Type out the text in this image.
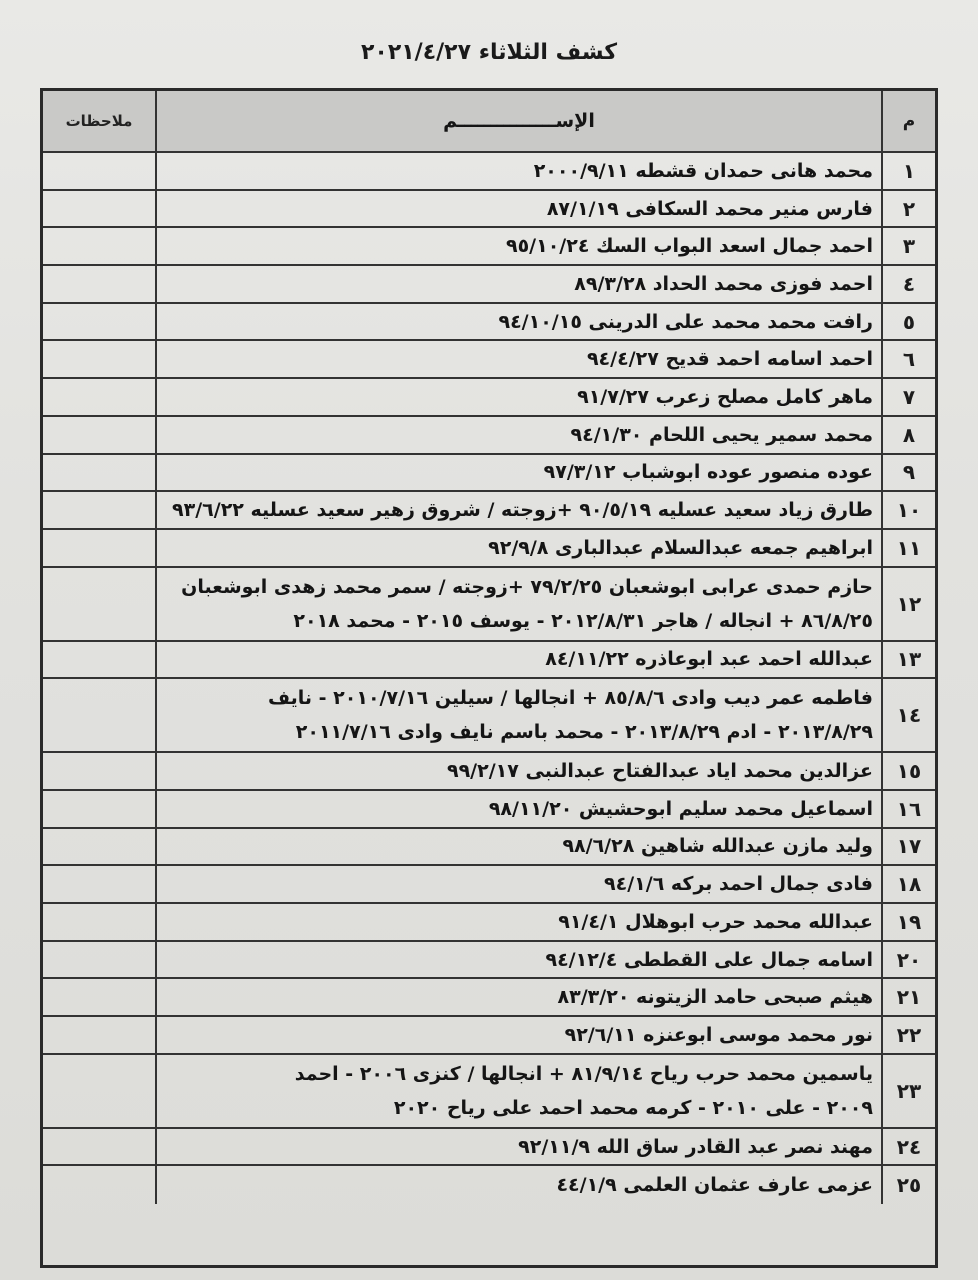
كشف الثلاثاء ٢٠٢١/٤/٢٧
م
الإســـــــــــــــم
ملاحظات
١
محمد هانى حمدان قشطه ٢٠٠٠/٩/١١
٢
فارس منير محمد السكافى ٨٧/١/١٩
٣
احمد جمال اسعد البواب السك ٩٥/١٠/٢٤
٤
احمد فوزى محمد الحداد ٨٩/٣/٢٨
٥
رافت محمد محمد على الدرينى ٩٤/١٠/١٥
٦
احمد اسامه احمد قديح ٩٤/٤/٢٧
٧
ماهر كامل مصلح زعرب ٩١/٧/٢٧
٨
محمد سمير يحيى اللحام ٩٤/١/٣٠
٩
عوده منصور عوده ابوشباب ٩٧/٣/١٢
١٠
طارق زياد سعيد عسليه ٩٠/٥/١٩ +زوجته / شروق زهير سعيد عسليه ٩٣/٦/٢٢
١١
ابراهيم جمعه عبدالسلام عبدالبارى ٩٢/٩/٨
١٢
حازم حمدى عرابى ابوشعبان ٧٩/٢/٢٥ +زوجته / سمر محمد زهدى ابوشعبان
٨٦/٨/٢٥ + انجاله / هاجر ٢٠١٢/٨/٣١ - يوسف ٢٠١٥ - محمد ٢٠١٨
١٣
عبدالله احمد عبد ابوعاذره ٨٤/١١/٢٢
١٤
فاطمه عمر ديب وادى ٨٥/٨/٦ + انجالها / سيلين ٢٠١٠/٧/١٦ - نايف
٢٠١٣/٨/٢٩ - ادم ٢٠١٣/٨/٢٩ - محمد باسم نايف وادى ٢٠١١/٧/١٦
١٥
عزالدين محمد اياد عبدالفتاح عبدالنبى ٩٩/٢/١٧
١٦
اسماعيل محمد سليم ابوحشيش ٩٨/١١/٢٠
١٧
وليد مازن عبدالله شاهين ٩٨/٦/٢٨
١٨
فادى جمال احمد بركه ٩٤/١/٦
١٩
عبدالله محمد حرب ابوهلال ٩١/٤/١
٢٠
اسامه جمال على القططى ٩٤/١٢/٤
٢١
هيثم صبحى حامد الزيتونه ٨٣/٣/٢٠
٢٢
نور محمد موسى ابوعنزه ٩٢/٦/١١
٢٣
ياسمين محمد حرب رياح ٨١/٩/١٤ + انجالها / كنزى ٢٠٠٦ - احمد
٢٠٠٩ - على ٢٠١٠ - كرمه محمد احمد على رياح ٢٠٢٠
٢٤
مهند نصر عبد القادر ساق الله ٩٢/١١/٩
٢٥
عزمى عارف عثمان العلمى ٤٤/١/٩
